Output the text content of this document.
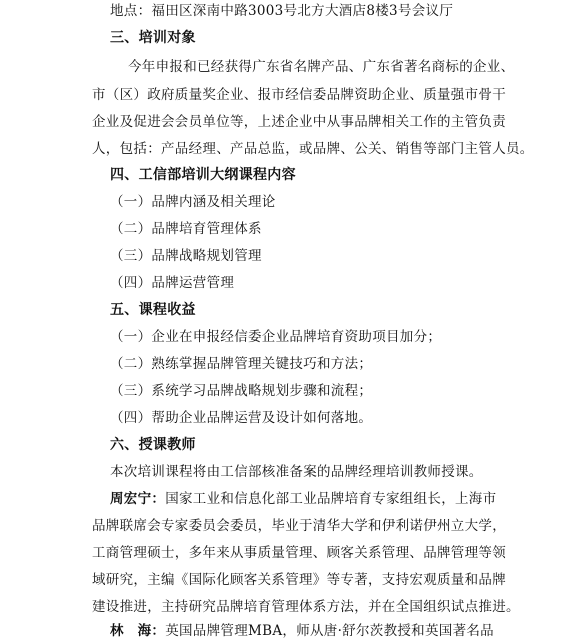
地点：福田区深南中路3003号北方大酒店8楼3号会议厅
三、培训对象
今年申报和已经获得广东省名牌产品、广东省著名商标的企业、
市（区）政府质量奖企业、报市经信委品牌资助企业、质量强市骨干
企业及促进会会员单位等，上述企业中从事品牌相关工作的主管负责
人，包括：产品经理、产品总监，或品牌、公关、销售等部门主管人员。
四、工信部培训大纲课程内容
（一）品牌内涵及相关理论
（二）品牌培育管理体系
（三）品牌战略规划管理
（四）品牌运营管理
五、课程收益
（一）企业在申报经信委企业品牌培育资助项目加分；
（二）熟练掌握品牌管理关键技巧和方法；
（三）系统学习品牌战略规划步骤和流程；
（四）帮助企业品牌运营及设计如何落地。
六、授课教师
本次培训课程将由工信部核准备案的品牌经理培训教师授课。
周宏宁：国家工业和信息化部工业品牌培育专家组组长，上海市
品牌联席会专家委员会委员，毕业于清华大学和伊利诺伊州立大学，
工商管理硕士，多年来从事质量管理、顾客关系管理、品牌管理等领
域研究，主编《国际化顾客关系管理》等专著，支持宏观质量和品牌
建设推进，主持研究品牌培育管理体系方法，并在全国组织试点推进。
林　海：英国品牌管理MBA，师从唐·舒尔茨教授和英国著名品
